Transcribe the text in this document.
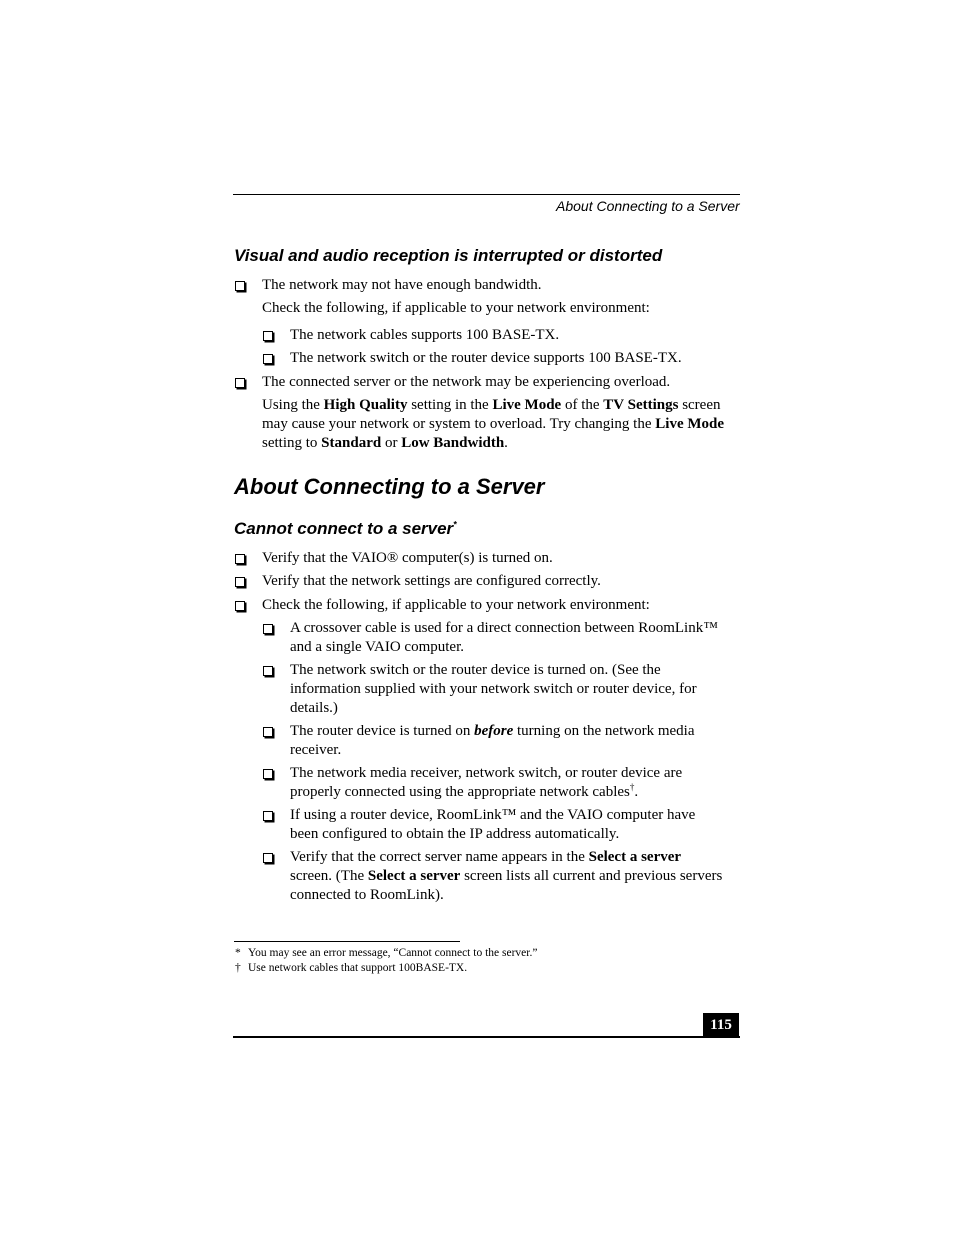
About Connecting to a Server
Visual and audio reception is interrupted or distorted
The network may not have enough bandwidth.
Check the following, if applicable to your network environment:
The network cables supports 100 BASE-TX.
The network switch or the router device supports 100 BASE-TX.
The connected server or the network may be experiencing overload.
Using the High Quality setting in the Live Mode of the TV Settings screen
may cause your network or system to overload. Try changing the Live Mode
setting to Standard or Low Bandwidth.
About Connecting to a Server
Cannot connect to a server*
Verify that the VAIO® computer(s) is turned on.
Verify that the network settings are configured correctly.
Check the following, if applicable to your network environment:
A crossover cable is used for a direct connection between RoomLink™
and a single VAIO computer.
The network switch or the router device is turned on. (See the
information supplied with your network switch or router device, for
details.)
The router device is turned on before turning on the network media
receiver.
The network media receiver, network switch, or router device are
properly connected using the appropriate network cables†.
If using a router device, RoomLink™ and the VAIO computer have
been configured to obtain the IP address automatically.
Verify that the correct server name appears in the Select a server
screen. (The Select a server screen lists all current and previous servers
connected to RoomLink).
* You may see an error message, “Cannot connect to the server.”
† Use network cables that support 100BASE-TX.
115
